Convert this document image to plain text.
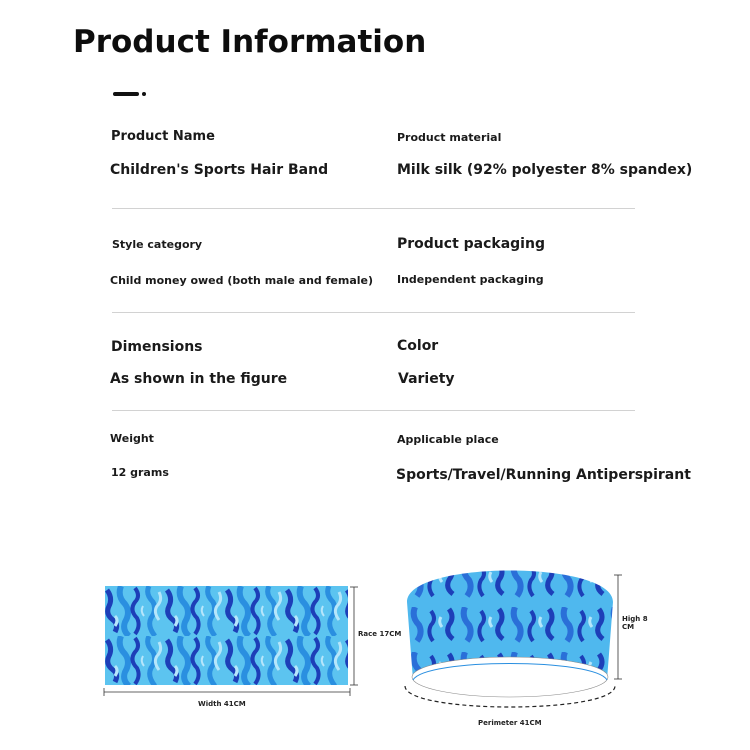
Product Information
Product Name
Children's Sports Hair Band
Product material
Milk silk (92% polyester 8% spandex)
Style category
Child money owed (both male and female)
Product packaging
Independent packaging
Dimensions
As shown in the figure
Color
Variety
Weight
12 grams
Applicable place
Sports/Travel/Running Antiperspirant
Width 41CM
Race 17CM
High 8
CM
Perimeter 41CM
